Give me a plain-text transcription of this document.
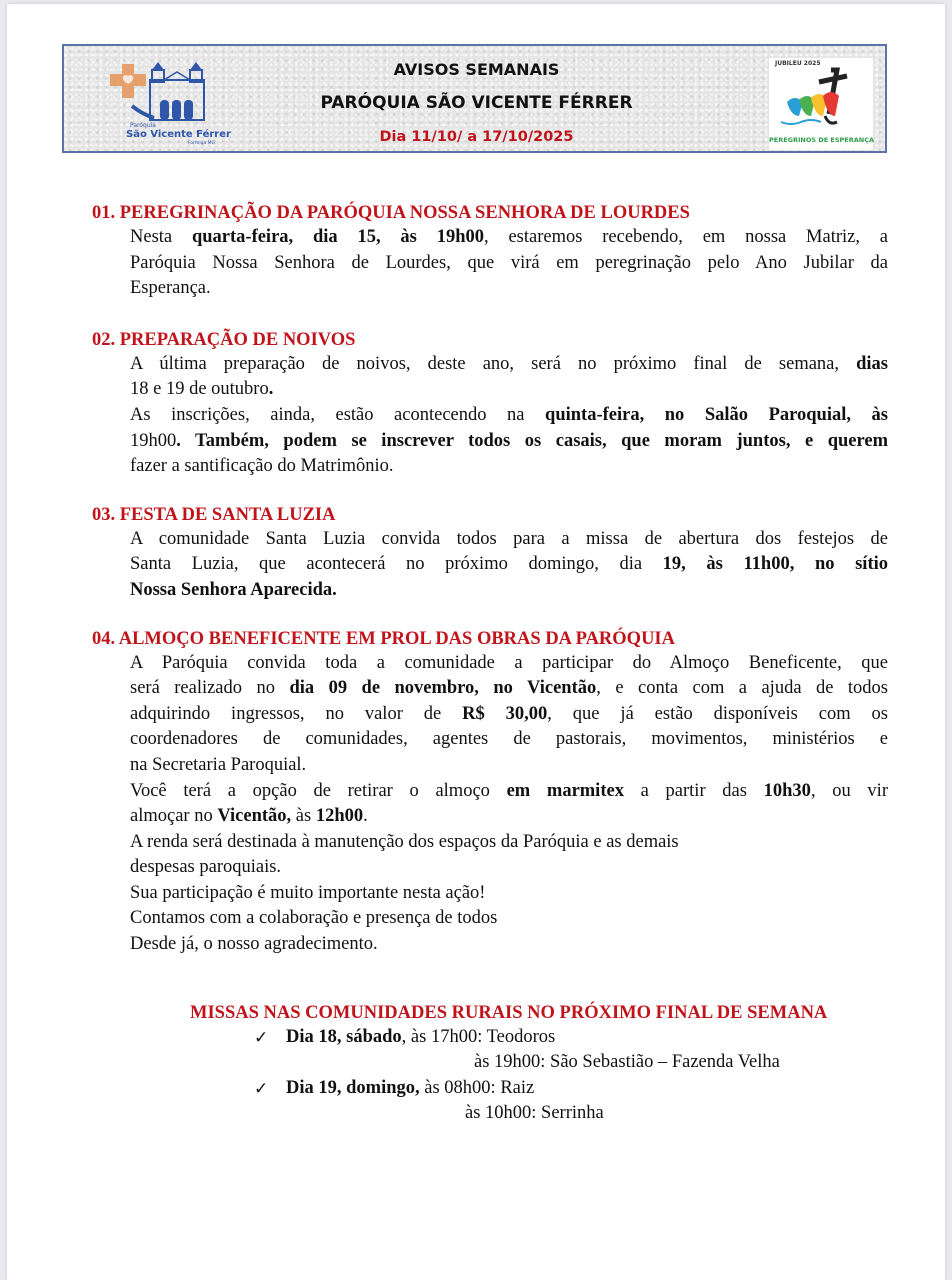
Paróquia
São Vicente Férrer
Formiga MG
AVISOS SEMANAIS
PARÓQUIA SÃO VICENTE FÉRRER
Dia 11/10/ a 17/10/2025
JUBILEU 2025
PEREGRINOS DE ESPERANÇA
01. PEREGRINAÇÃO DA PARÓQUIA NOSSA SENHORA DE LOURDES
Nesta quarta-feira, dia 15, às 19h00, estaremos recebendo, em nossa Matriz, a
Paróquia Nossa Senhora de Lourdes, que virá em peregrinação pelo Ano Jubilar da
Esperança.
02. PREPARAÇÃO DE NOIVOS
A última preparação de noivos, deste ano, será no próximo final de semana, dias
18 e 19 de outubro.
As inscrições, ainda, estão acontecendo na quinta-feira, no Salão Paroquial, às
19h00. Também, podem se inscrever todos os casais, que moram juntos, e querem
fazer a santificação do Matrimônio.
03. FESTA DE SANTA LUZIA
A comunidade Santa Luzia convida todos para a missa de abertura dos festejos de
Santa Luzia, que acontecerá no próximo domingo, dia 19, às 11h00, no sítio
Nossa Senhora Aparecida.
04. ALMOÇO BENEFICENTE EM PROL DAS OBRAS DA PARÓQUIA
A Paróquia convida toda a comunidade a participar do Almoço Beneficente, que
será realizado no dia 09 de novembro, no Vicentão, e conta com a ajuda de todos
adquirindo ingressos, no valor de R$ 30,00, que já estão disponíveis com os
coordenadores de comunidades, agentes de pastorais, movimentos, ministérios e
na Secretaria Paroquial.
Você terá a opção de retirar o almoço em marmitex a partir das 10h30, ou vir
almoçar no Vicentão, às 12h00.
A renda será destinada à manutenção dos espaços da Paróquia e as demais
despesas paroquiais.
Sua participação é muito importante nesta ação!
Contamos com a colaboração e presença de todos
Desde já, o nosso agradecimento.
MISSAS NAS COMUNIDADES RURAIS NO PRÓXIMO FINAL DE SEMANA
✓ Dia 18, sábado, às 17h00: Teodoros
às 19h00: São Sebastião – Fazenda Velha
✓ Dia 19, domingo, às 08h00: Raiz
às 10h00: Serrinha
